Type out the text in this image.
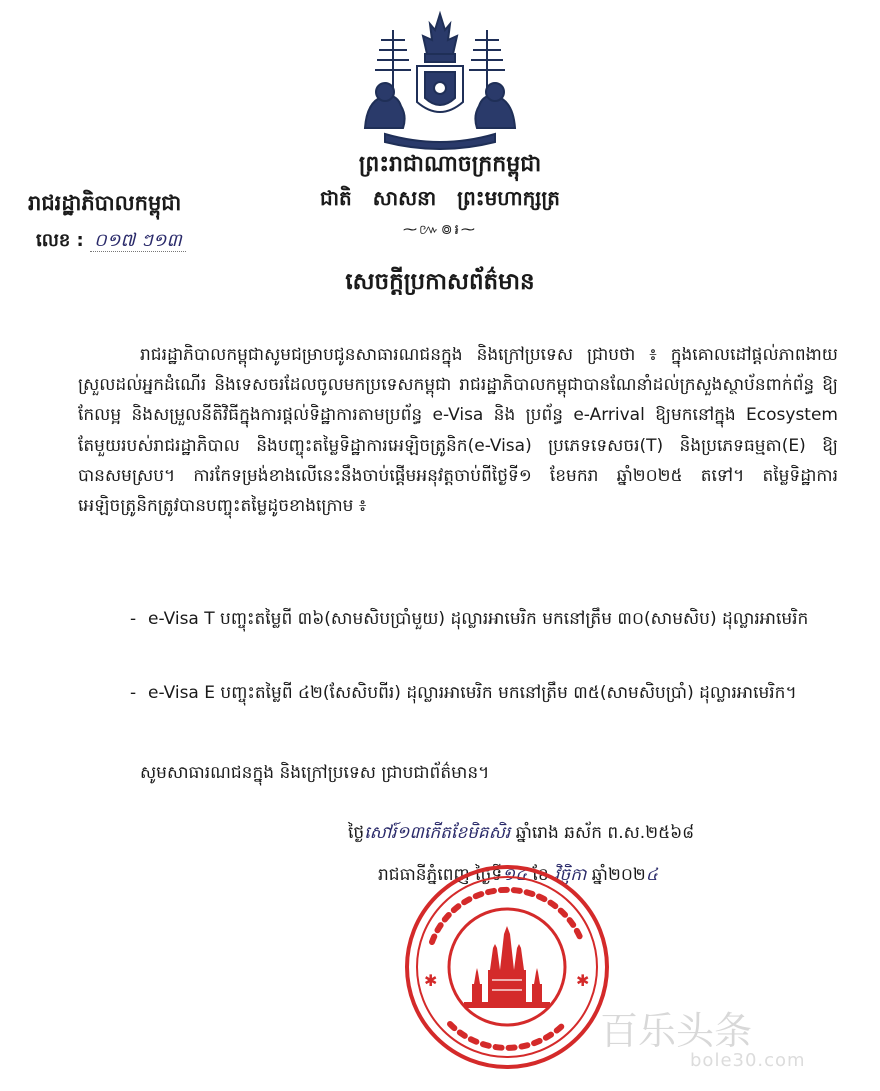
ព្រះរាជាណាចក្រកម្ពុជា
ជាតិ សាសនា ព្រះមហាក្សត្រ
⁓៚៙៛⁓
រាជរដ្ឋាភិបាលកម្ពុជា
លេខ : ០១៧ ៗ១៣
សេចក្តីប្រកាសព័ត៌មាន
រាជរដ្ឋាភិបាលកម្ពុជាសូមជម្រាបជូនសាធារណជនក្នុង និងក្រៅប្រទេស ជ្រាបថា ៖ ក្នុងគោលដៅផ្ដល់ភាពងាយស្រួលដល់អ្នកដំណើរ និងទេសចរដែលចូលមកប្រទេសកម្ពុជា រាជរដ្ឋាភិបាលកម្ពុជាបានណែនាំដល់ក្រសួងស្ថាប័នពាក់ព័ន្ធ ឱ្យកែលម្អ និងសម្រួលនីតិវិធីក្នុងការផ្ដល់ទិដ្ឋាការតាមប្រព័ន្ធ e-Visa និង ប្រព័ន្ធ e-Arrival ឱ្យមកនៅក្នុង Ecosystem តែមួយរបស់រាជរដ្ឋាភិបាល និងបញ្ចុះតម្លៃទិដ្ឋាការអេឡិចត្រូនិក(e-Visa) ប្រភេទទេសចរ(T) និងប្រភេទធម្មតា(E) ឱ្យបានសមស្រប។ ការកែទម្រង់ខាងលើនេះនឹងចាប់ផ្ដើមអនុវត្តចាប់ពីថ្ងៃទី១ ខែមករា ឆ្នាំ២០២៥ តទៅ។ តម្លៃទិដ្ឋាការអេឡិចត្រូនិកត្រូវបានបញ្ចុះតម្លៃដូចខាងក្រោម ៖
- e-Visa T បញ្ចុះតម្លៃពី ៣៦(សាមសិបប្រាំមួយ) ដុល្លារអាមេរិក មកនៅត្រឹម ៣០(សាមសិប) ដុល្លារអាមេរិក
- e-Visa E បញ្ចុះតម្លៃពី ៤២(សែសិបពីរ) ដុល្លារអាមេរិក មកនៅត្រឹម ៣៥(សាមសិបប្រាំ) ដុល្លារអាមេរិក។
សូមសាធារណជនក្នុង និងក្រៅប្រទេស ជ្រាបជាព័ត៌មាន។
ថ្ងៃសៅរ៍១៣កើតខែមិគសិរ ឆ្នាំរោង ឆស័ក ព.ស.២៥៦៨
រាជធានីភ្នំពេញ ថ្ងៃទី១៤ ខែ វិច្ឆិកា ឆ្នាំ២០២៤
✱	✱
百乐头条
bole30.com
